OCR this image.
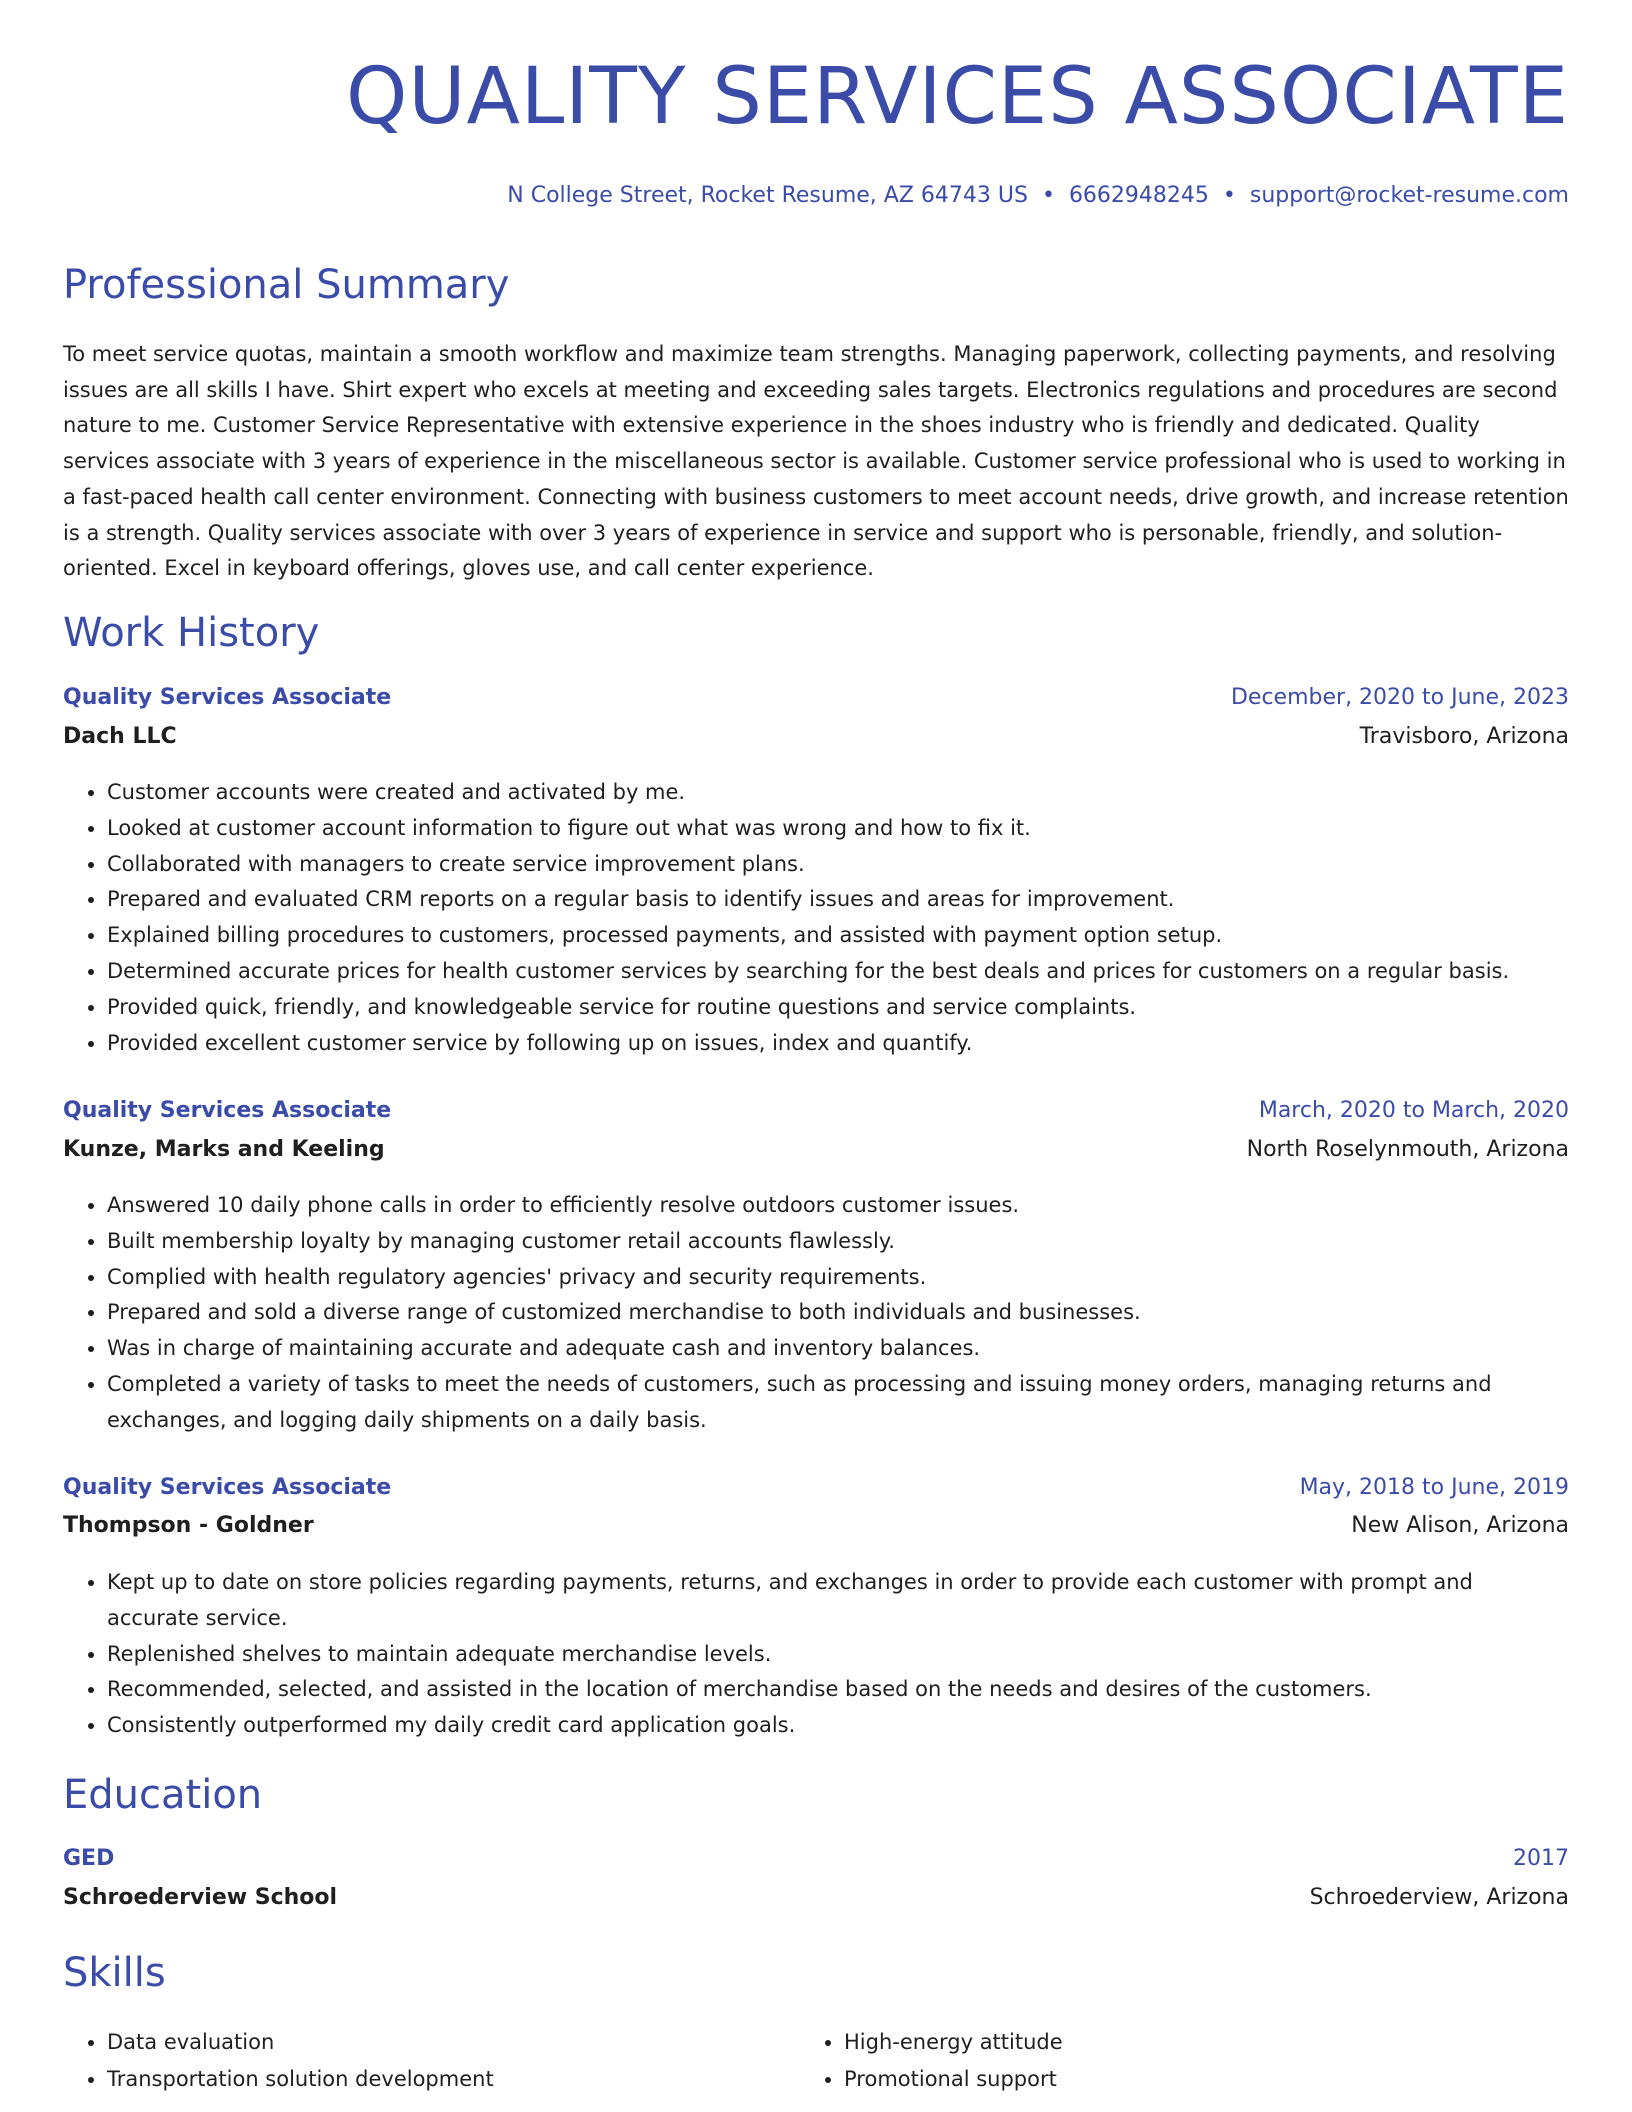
QUALITY SERVICES ASSOCIATE
N College Street, Rocket Resume, AZ 64743 US • 6662948245 • support@rocket-resume.com
Professional Summary
To meet service quotas, maintain a smooth workflow and maximize team strengths. Managing paperwork, collecting payments, and resolving issues are all skills I have. Shirt expert who excels at meeting and exceeding sales targets. Electronics regulations and procedures are second nature to me. Customer Service Representative with extensive experience in the shoes industry who is friendly and dedicated. Quality services associate with 3 years of experience in the miscellaneous sector is available. Customer service professional who is used to working in a fast-paced health call center environment. Connecting with business customers to meet account needs, drive growth, and increase retention is a strength. Quality services associate with over 3 years of experience in service and support who is personable, friendly, and solution-oriented. Excel in keyboard offerings, gloves use, and call center experience.
Work History
Quality Services Associate	December, 2020 to June, 2023
Dach LLC	Travisboro, Arizona
• Customer accounts were created and activated by me.
• Looked at customer account information to figure out what was wrong and how to fix it.
• Collaborated with managers to create service improvement plans.
• Prepared and evaluated CRM reports on a regular basis to identify issues and areas for improvement.
• Explained billing procedures to customers, processed payments, and assisted with payment option setup.
• Determined accurate prices for health customer services by searching for the best deals and prices for customers on a regular basis.
• Provided quick, friendly, and knowledgeable service for routine questions and service complaints.
• Provided excellent customer service by following up on issues, index and quantify.
Quality Services Associate	March, 2020 to March, 2020
Kunze, Marks and Keeling	North Roselynmouth, Arizona
• Answered 10 daily phone calls in order to efficiently resolve outdoors customer issues.
• Built membership loyalty by managing customer retail accounts flawlessly.
• Complied with health regulatory agencies' privacy and security requirements.
• Prepared and sold a diverse range of customized merchandise to both individuals and businesses.
• Was in charge of maintaining accurate and adequate cash and inventory balances.
• Completed a variety of tasks to meet the needs of customers, such as processing and issuing money orders, managing returns and exchanges, and logging daily shipments on a daily basis.
Quality Services Associate	May, 2018 to June, 2019
Thompson - Goldner	New Alison, Arizona
• Kept up to date on store policies regarding payments, returns, and exchanges in order to provide each customer with prompt and accurate service.
• Replenished shelves to maintain adequate merchandise levels.
• Recommended, selected, and assisted in the location of merchandise based on the needs and desires of the customers.
• Consistently outperformed my daily credit card application goals.
Education
GED	2017
Schroederview School	Schroederview, Arizona
Skills
• Data evaluation
• Transportation solution development
• High-energy attitude
• Promotional support
